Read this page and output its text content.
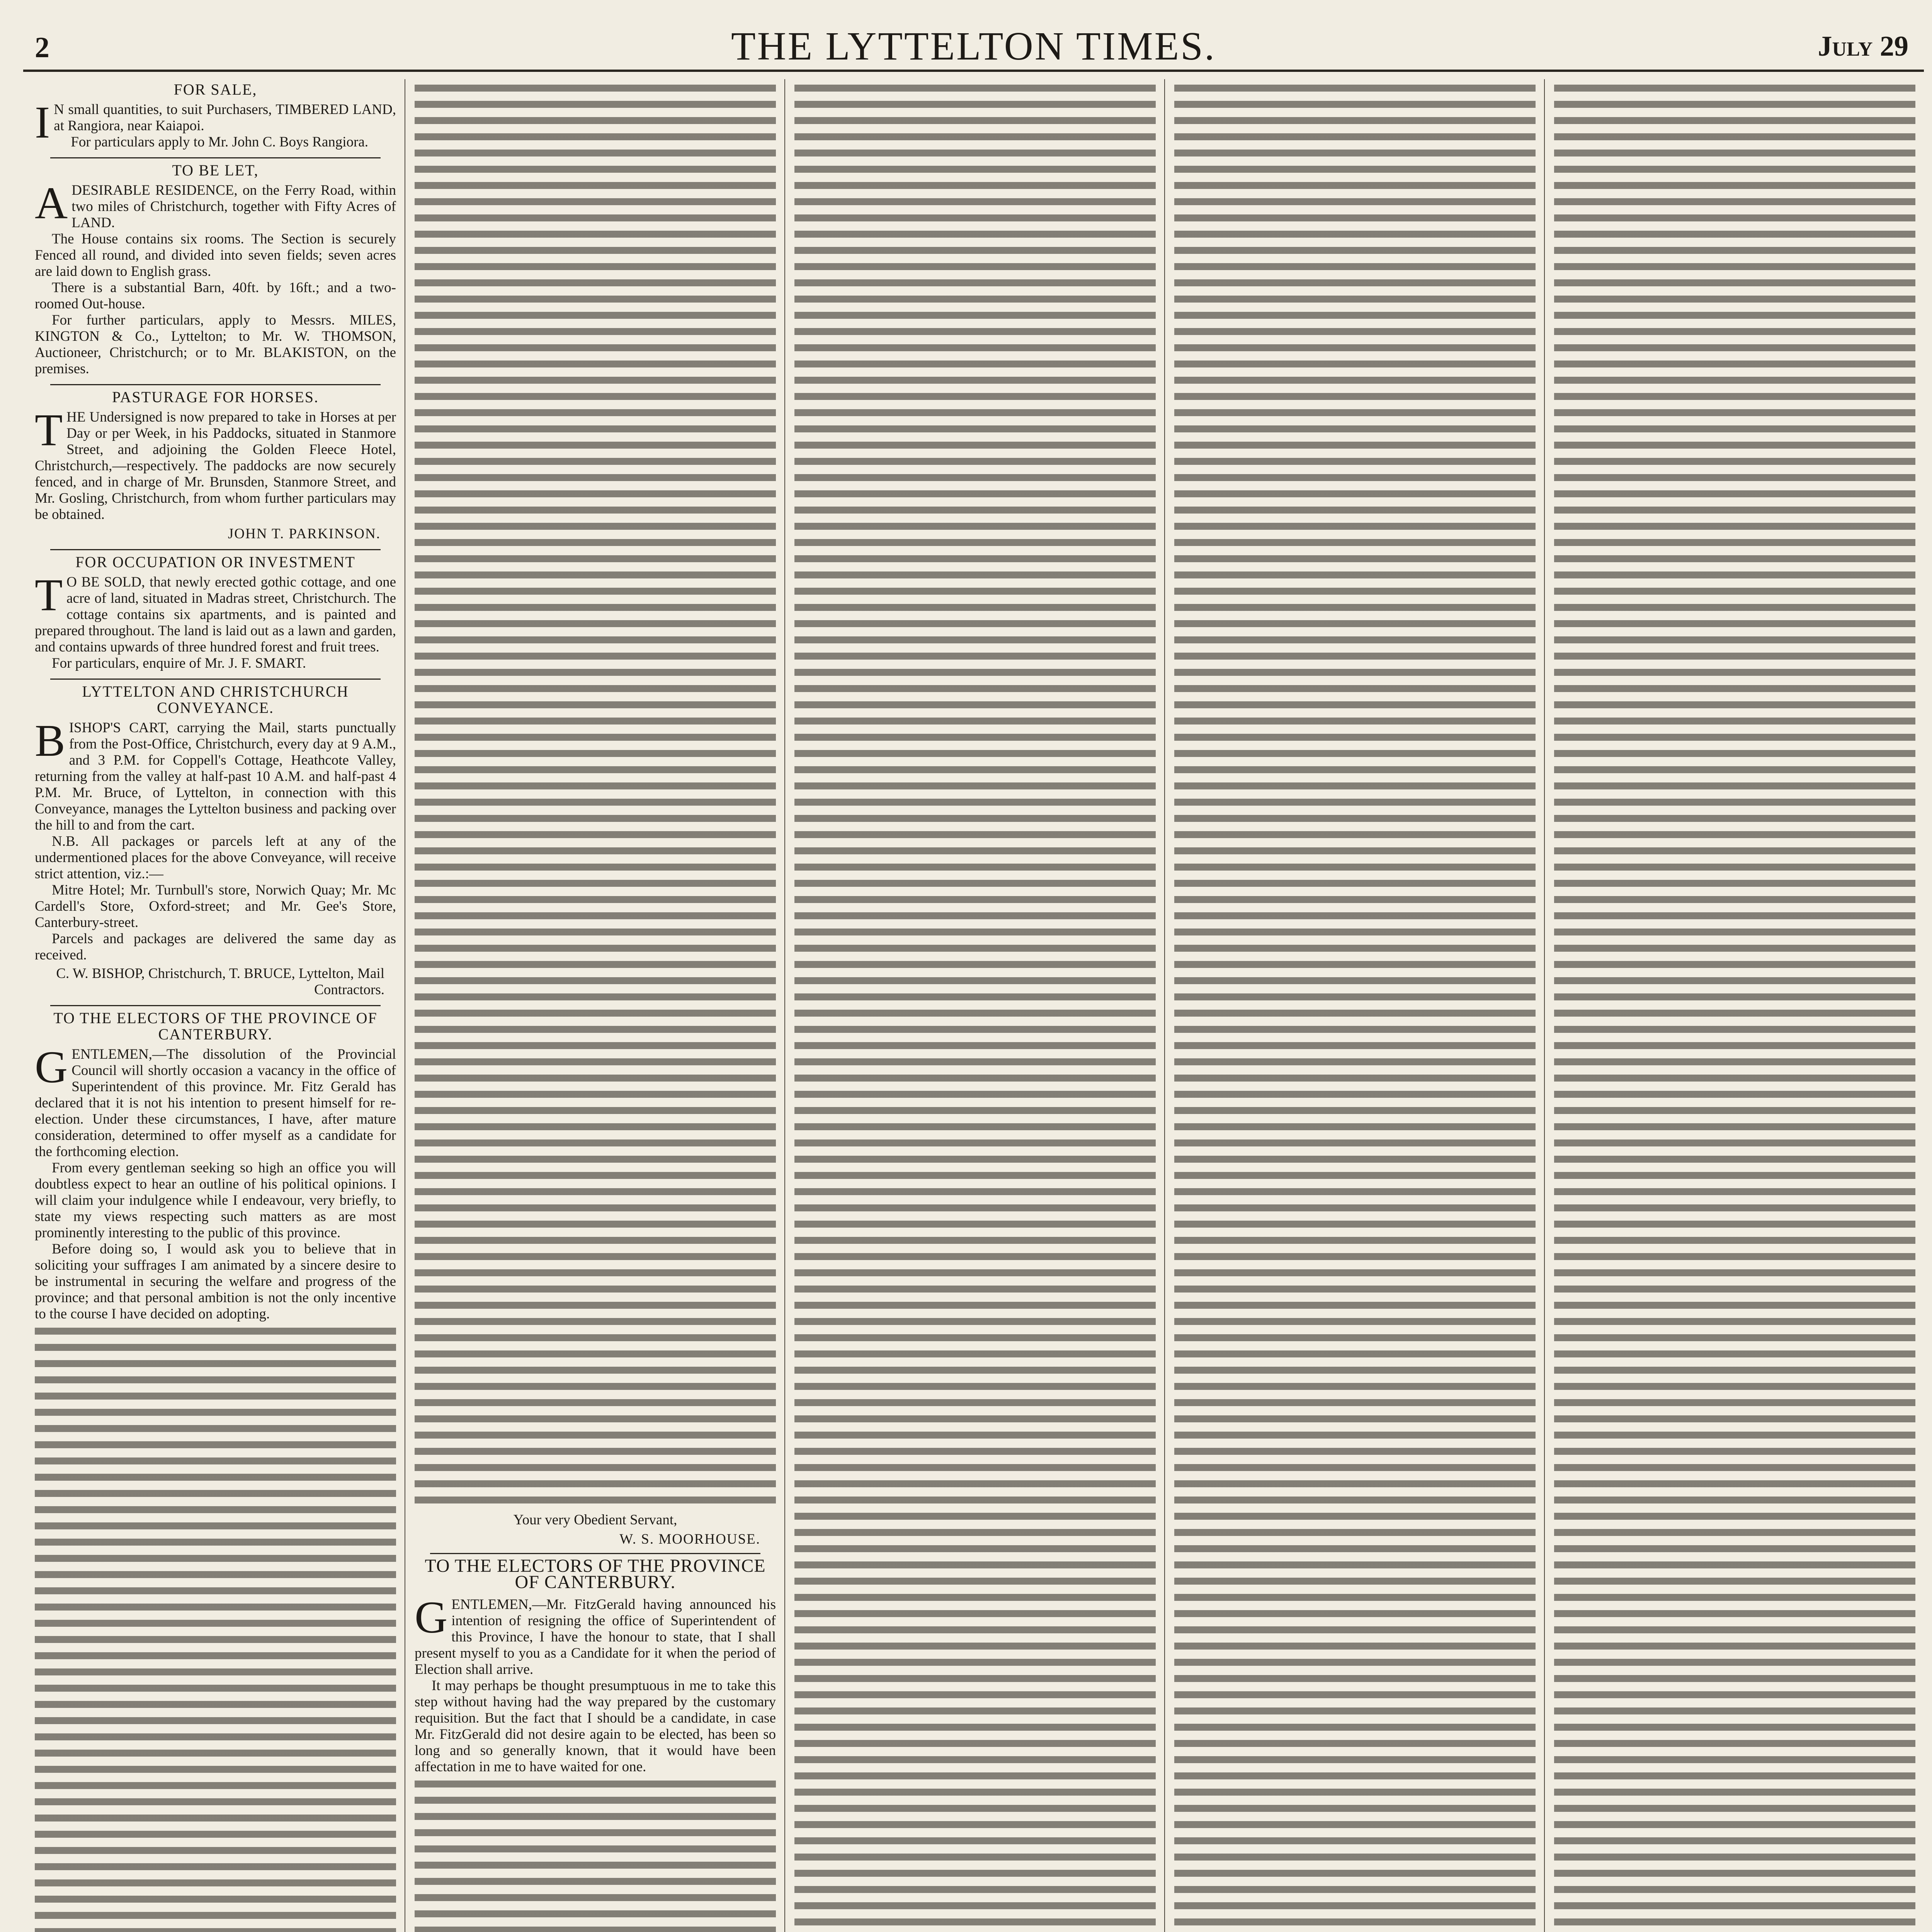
2	THE LYTTELTON TIMES.	July 29
FOR SALE,

IN small quantities, to suit Purchasers, TIMBERED LAND, at Rangiora, near Kaiapoi.

For particulars apply to Mr. John C. Boys Rangiora.

TO BE LET,

ADESIRABLE RESIDENCE, on the Ferry Road, within two miles of Christchurch, together with Fifty Acres of LAND.

The House contains six rooms. The Section is securely Fenced all round, and divided into seven fields; seven acres are laid down to English grass.

There is a substantial Barn, 40ft. by 16ft.; and a two-roomed Out-house.

For further particulars, apply to Messrs. MILES, KINGTON & Co., Lyttelton; to Mr. W. THOMSON, Auctioneer, Christchurch; or to Mr. BLAKISTON, on the premises.

PASTURAGE FOR HORSES.

THE Undersigned is now prepared to take in Horses at per Day or per Week, in his Paddocks, situated in Stanmore Street, and adjoining the Golden Fleece Hotel, Christchurch,—respectively. The paddocks are now securely fenced, and in charge of Mr. Brunsden, Stanmore Street, and Mr. Gosling, Christchurch, from whom further particulars may be obtained.

JOHN T. PARKINSON.
FOR OCCUPATION OR INVESTMENT

TO BE SOLD, that newly erected gothic cottage, and one acre of land, situated in Madras street, Christchurch. The cottage contains six apartments, and is painted and prepared throughout. The land is laid out as a lawn and garden, and contains upwards of three hundred forest and fruit trees.

For particulars, enquire of Mr. J. F. SMART.

LYTTELTON AND CHRISTCHURCH CONVEYANCE.

BISHOP'S CART, carrying the Mail, starts punctually from the Post-Office, Christchurch, every day at 9 A.M., and 3 P.M. for Coppell's Cottage, Heathcote Valley, returning from the valley at half-past 10 A.M. and half-past 4 P.M. Mr. Bruce, of Lyttelton, in connection with this Conveyance, manages the Lyttelton business and packing over the hill to and from the cart.

N.B. All packages or parcels left at any of the undermentioned places for the above Conveyance, will receive strict attention, viz.:—

Mitre Hotel; Mr. Turnbull's store, Norwich Quay; Mr. Mc Cardell's Store, Oxford-street; and Mr. Gee's Store, Canterbury-street.

Parcels and packages are delivered the same day as received.

C. W. BISHOP, Christchurch, T. BRUCE, Lyttelton, Mail Contractors.
TO THE ELECTORS OF THE PROVINCE OF CANTERBURY.

GENTLEMEN,—The dissolution of the Provincial Council will shortly occasion a vacancy in the office of Superintendent of this province. Mr. Fitz Gerald has declared that it is not his intention to present himself for re-election. Under these circumstances, I have, after mature consideration, determined to offer myself as a candidate for the forthcoming election.

From every gentleman seeking so high an office you will doubtless expect to hear an outline of his political opinions. I will claim your indulgence while I endeavour, very briefly, to state my views respecting such matters as are most prominently interesting to the public of this province.

Before doing so, I would ask you to believe that in soliciting your suffrages I am animated by a sincere desire to be instrumental in securing the welfare and progress of the province; and that personal ambition is not the only incentive to the course I have decided on adopting.

Your very Obedient Servant,
W. S. MOORHOUSE.
TO THE ELECTORS OF THE PROVINCE OF CANTERBURY.

GENTLEMEN,—Mr. FitzGerald having announced his intention of resigning the office of Superintendent of this Province, I have the honour to state, that I shall present myself to you as a Candidate for it when the period of Election shall arrive.

It may perhaps be thought presumptuous in me to take this step without having had the way prepared by the customary requisition. But the fact that I should be a candidate, in case Mr. FitzGerald did not desire again to be elected, has been so long and so generally known, that it would have been affectation in me to have waited for one.
